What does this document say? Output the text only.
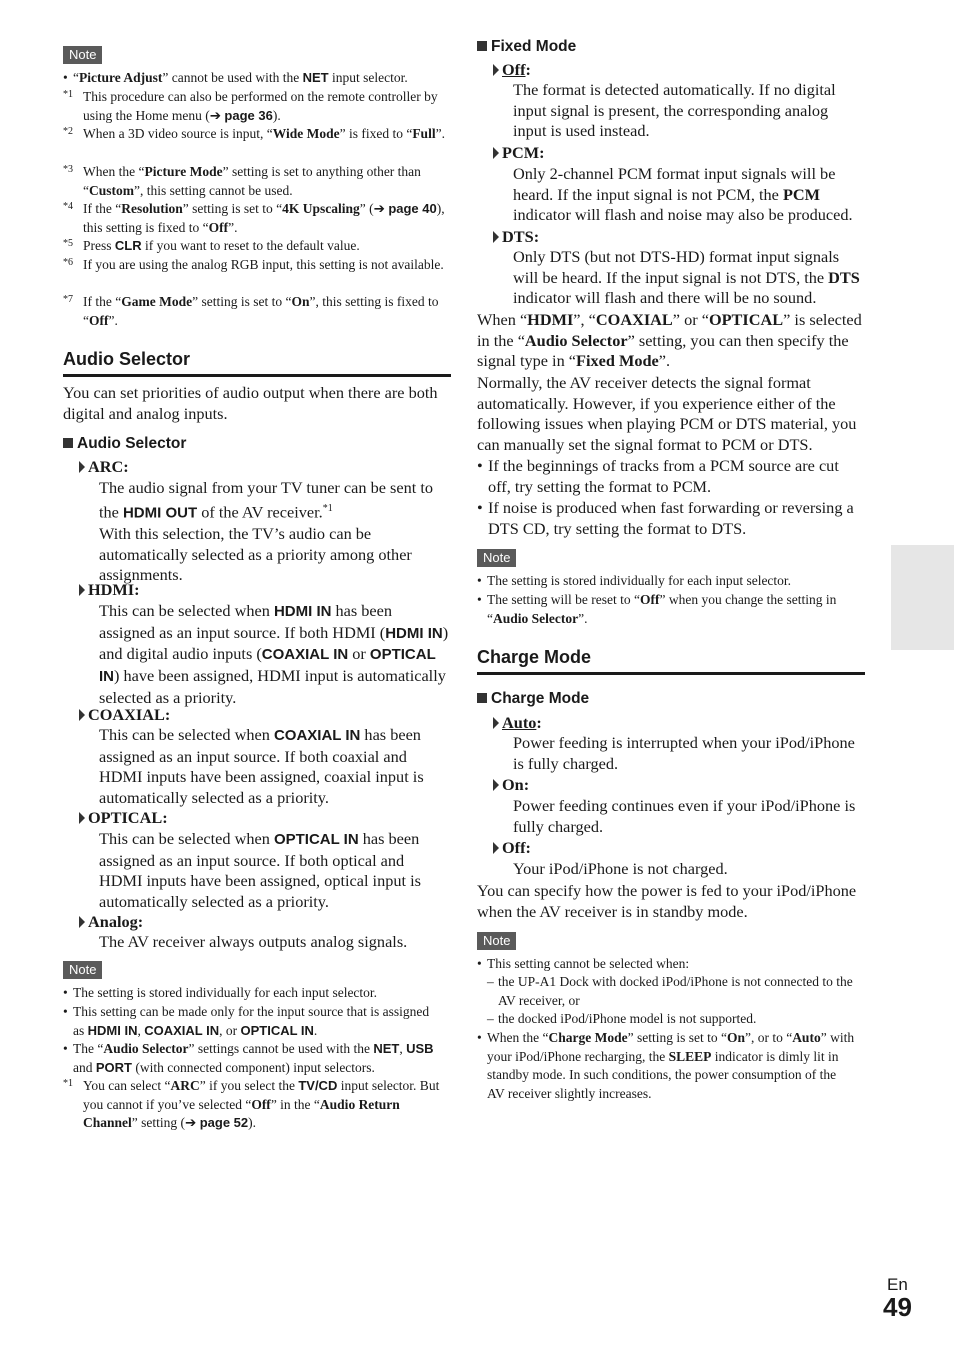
Note
• “Picture Adjust” cannot be used with the NET input selector.
*1 This procedure can also be performed on the remote controller by using the Home menu (➔ page 36).
*2 When a 3D video source is input, “Wide Mode” is fixed to “Full”.
*3 When the “Picture Mode” setting is set to anything other than “Custom”, this setting cannot be used.
*4 If the “Resolution” setting is set to “4K Upscaling” (➔ page 40), this setting is fixed to “Off”.
*5 Press CLR if you want to reset to the default value.
*6 If you are using the analog RGB input, this setting is not available.
*7 If the “Game Mode” setting is set to “On”, this setting is fixed to “Off”.
Audio Selector
You can set priorities of audio output when there are both digital and analog inputs.
Audio Selector
ARC:
The audio signal from your TV tuner can be sent to the HDMI OUT of the AV receiver.$^{*1}$
With this selection, the TV’s audio can be automatically selected as a priority among other assignments.
HDMI:
This can be selected when HDMI IN has been assigned as an input source. If both HDMI (HDMI IN) and digital audio inputs (COAXIAL IN or OPTICAL IN) have been assigned, HDMI input is automatically selected as a priority.
COAXIAL:
This can be selected when COAXIAL IN has been assigned as an input source. If both coaxial and HDMI inputs have been assigned, coaxial input is automatically selected as a priority.
OPTICAL:
This can be selected when OPTICAL IN has been assigned as an input source. If both optical and HDMI inputs have been assigned, optical input is automatically selected as a priority.
Analog:
The AV receiver always outputs analog signals.
Note
• The setting is stored individually for each input selector.
• This setting can be made only for the input source that is assigned as HDMI IN, COAXIAL IN, or OPTICAL IN.
• The “Audio Selector” settings cannot be used with the NET, USB and PORT (with connected component) input selectors.
*1 You can select “ARC” if you select the TV/CD input selector. But you cannot if you’ve selected “Off” in the “Audio Return Channel” setting (➔ page 52).
Fixed Mode
Off:
The format is detected automatically. If no digital input signal is present, the corresponding analog input is used instead.
PCM:
Only 2-channel PCM format input signals will be heard. If the input signal is not PCM, the PCM indicator will flash and noise may also be produced.
DTS:
Only DTS (but not DTS-HD) format input signals will be heard. If the input signal is not DTS, the DTS indicator will flash and there will be no sound.
When “HDMI”, “COAXIAL” or “OPTICAL” is selected in the “Audio Selector” setting, you can then specify the signal type in “Fixed Mode”.
Normally, the AV receiver detects the signal format automatically. However, if you experience either of the following issues when playing PCM or DTS material, you can manually set the signal format to PCM or DTS.
• If the beginnings of tracks from a PCM source are cut off, try setting the format to PCM.
• If noise is produced when fast forwarding or reversing a DTS CD, try setting the format to DTS.
Note
• The setting is stored individually for each input selector.
• The setting will be reset to “Off” when you change the setting in “Audio Selector”.
Charge Mode
Charge Mode
Auto:
Power feeding is interrupted when your iPod/iPhone is fully charged.
On:
Power feeding continues even if your iPod/iPhone is fully charged.
Off:
Your iPod/iPhone is not charged.
You can specify how the power is fed to your iPod/iPhone when the AV receiver is in standby mode.
Note
• This setting cannot be selected when:
– the UP-A1 Dock with docked iPod/iPhone is not connected to the AV receiver, or
– the docked iPod/iPhone model is not supported.
• When the “Charge Mode” setting is set to “On”, or to “Auto” with your iPod/iPhone recharging, the SLEEP indicator is dimly lit in standby mode. In such conditions, the power consumption of the AV receiver slightly increases.
En
49
